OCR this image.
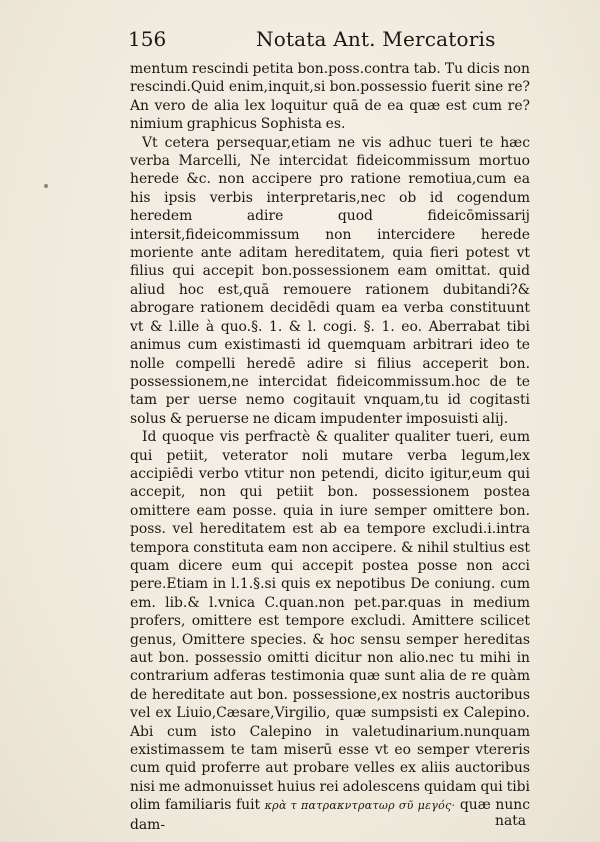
156	Notata Ant. Mercatoris

mentum rescindi petita bon.poss.contra tab. Tu dicis non rescindi.Quid enim,inquit,si bon.possessio fuerit sine re? An vero de alia lex loquitur quā de ea quæ est cum re? nimium graphicus Sophista es.

Vt cetera persequar,etiam ne vis adhuc tueri te hæc verba Marcelli, Ne intercidat fideicommissum mortuo herede &c. non accipere pro ratione remotiua,cum ea his ipsis verbis interpretaris,nec ob id cogendum heredem adire quod fideicōmissarij intersit,fideicommissum non intercidere herede moriente ante aditam hereditatem, quia fieri potest vt filius qui accepit bon.possessionem eam omittat. quid aliud hoc est,quā remouere rationem dubitandi?& abrogare rationem decidēdi quam ea verba constituunt vt & l.ille à quo.§. 1. & l. cogi. §. 1. eo. Aberrabat tibi animus cum existimasti id quemquam arbitrari ideo te nolle compelli heredē adire si filius acceperit bon. possessionem,ne intercidat fideicommissum.hoc de te tam per uerse nemo cogitauit vnquam,tu id cogitasti solus & peruerse ne dicam impudenter imposuisti alij.

Id quoque vis perfractè & qualiter qualiter tueri, eum qui petiit, veterator noli mutare verba legum,lex accipiēdi verbo vtitur non petendi, dicito igitur,eum qui accepit, non qui petiit bon. possessionem postea omittere eam posse. quia in iure semper omittere bon. poss. vel hereditatem est ab ea tempore excludi.i.intra tempora constituta eam non accipere. & nihil stultius est quam dicere eum qui accepit postea posse non acci pere.Etiam in l.1.§.si quis ex nepotibus De coniung. cum em. lib.& l.vnica C.quan.non pet.par.quas in medium profers, omittere est tempore excludi. Amittere scilicet genus, Omittere species. & hoc sensu semper hereditas aut bon. possessio omitti dicitur non alio.nec tu mihi in contrarium adferas testimonia quæ sunt alia de re quàm de hereditate aut bon. possessione,ex nostris auctoribus vel ex Liuio,Cæsare,Virgilio, quæ sumpsisti ex Calepino. Abi cum isto Calepino in valetudinarium.nunquam existimassem te tam miserū esse vt eo semper vtereris cum quid proferre aut probare velles ex aliis auctoribus nisi me admonuisset huius rei adolescens quidam qui tibi olim familiaris fuit κρὰ τ πατρακντρατωρ σῦ μεγός· quæ nunc dam-	nata
